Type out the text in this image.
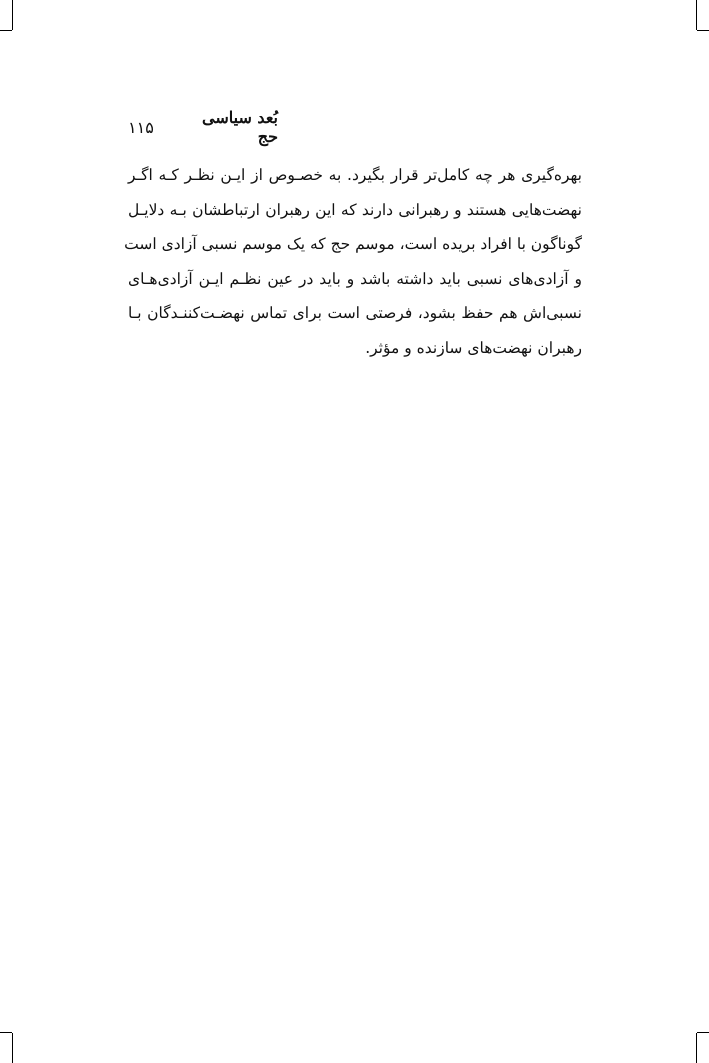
بُعد سیاسی حج
۱۱۵
بهره‌گیری هر چه کامل‌تر قرار بگیرد. به خصـوص از ایـن نظـر کـه اگـر
نهضت‌هایی هستند و رهبرانی دارند که این رهبران ارتباطشان بـه دلایـل
گوناگون با افراد بریده است، موسم حج که یک موسم نسبی آزادی است
و آزادی‌های نسبی باید داشته باشد و باید در عین نظـم ایـن آزادی‌هـای
نسبی‌اش هم حفظ بشود، فرصتی است برای تماس نهضـت‌کننـدگان بـا
رهبران نهضت‌های سازنده و مؤثر.
